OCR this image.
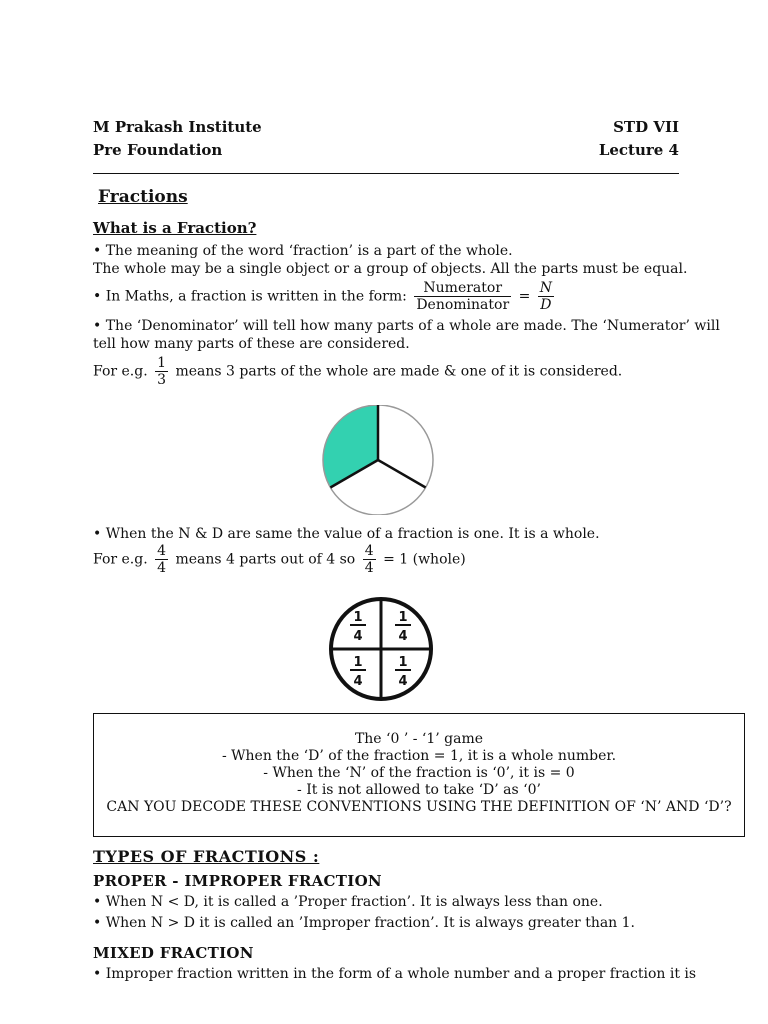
M Prakash Institute	STD VII
Pre Foundation	Lecture 4
Fractions
What is a Fraction?
• The meaning of the word ‘fraction’ is a part of the whole.
The whole may be a single object or a group of objects. All the parts must be equal.
• In Maths, a fraction is written in the form: $\frac{\text{Numerator}}{\text{Denominator}} = \frac{N}{D}$
• The ‘Denominator’ will tell how many parts of a whole are made. The ‘Numerator’ will
tell how many parts of these are considered.
For e.g. $\frac{1}{3}$ means 3 parts of the whole are made & one of it is considered.
• When the N & D are same the value of a fraction is one. It is a whole.
For e.g. $\frac{4}{4}$ means 4 parts out of 4 so $\frac{4}{4} = 1$ (whole)
1
4
1
4
1
4
1
4
The ‘0 ’ - ‘1’ game
- When the ‘D’ of the fraction = 1, it is a whole number.
- When the ‘N’ of the fraction is ‘0’, it is = 0
- It is not allowed to take ‘D’ as ‘0’
CAN YOU DECODE THESE CONVENTIONS USING THE DEFINITION OF ‘N’ AND ‘D’?
TYPES OF FRACTIONS :
PROPER - IMPROPER FRACTION
• When N < D, it is called a ’Proper fraction’. It is always less than one.
• When N > D it is called an ’Improper fraction’. It is always greater than 1.
MIXED FRACTION
• Improper fraction written in the form of a whole number and a proper fraction it is
